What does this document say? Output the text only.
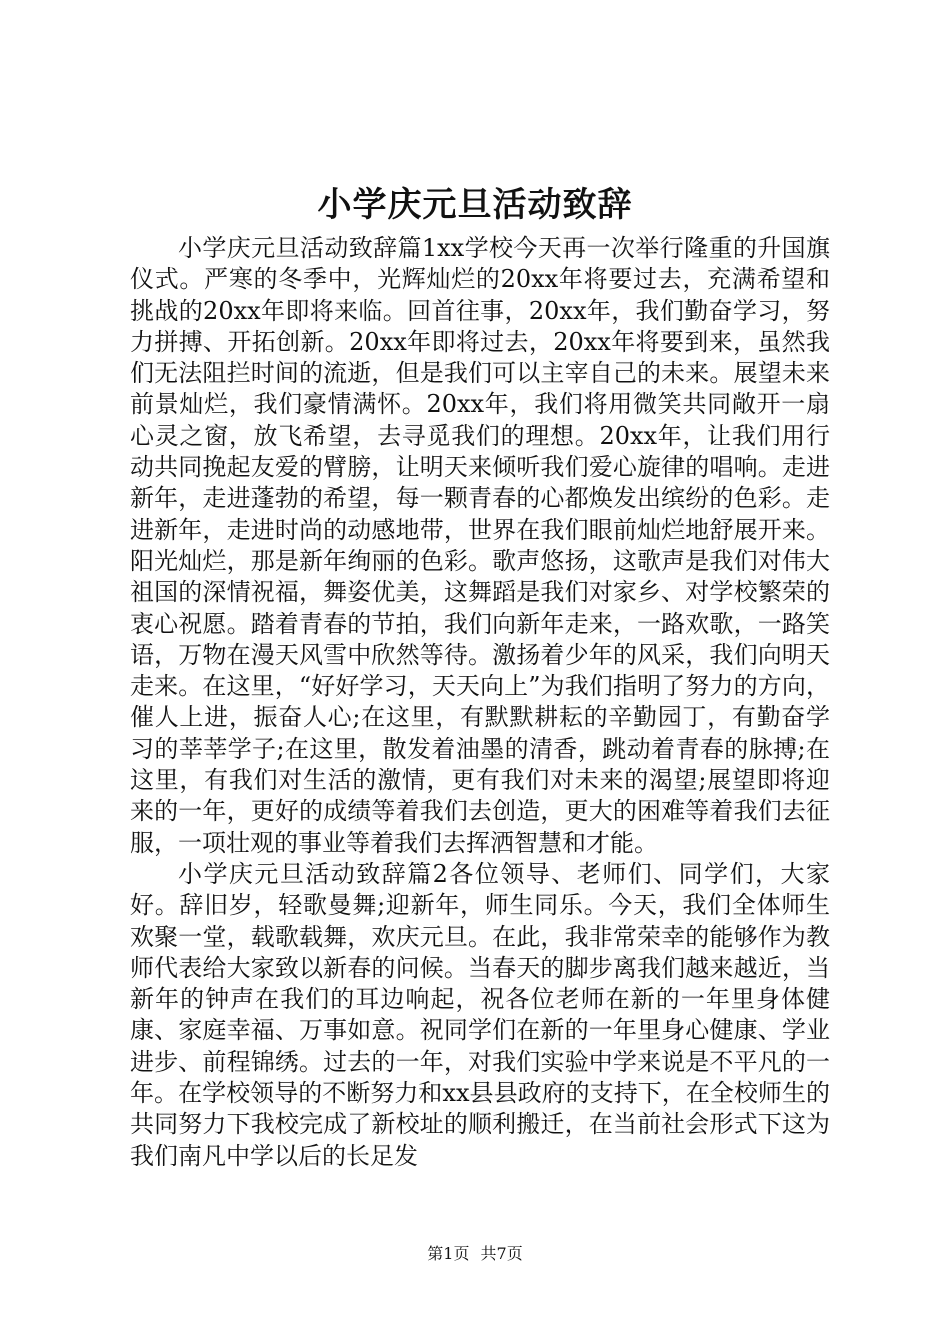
小学庆元旦活动致辞

小学庆元旦活动致辞篇1xx学校今天再一次举行隆重的升国旗仪式。严寒的冬季中，光辉灿烂的20xx年将要过去，充满希望和挑战的20xx年即将来临。回首往事，20xx年，我们勤奋学习，努力拼搏、开拓创新。20xx年即将过去，20xx年将要到来，虽然我们无法阻拦时间的流逝，但是我们可以主宰自己的未来。展望未来前景灿烂，我们豪情满怀。20xx年，我们将用微笑共同敞开一扇心灵之窗，放飞希望，去寻觅我们的理想。20xx年，让我们用行动共同挽起友爱的臂膀，让明天来倾听我们爱心旋律的唱响。走进新年，走进蓬勃的希望，每一颗青春的心都焕发出缤纷的色彩。走进新年，走进时尚的动感地带，世界在我们眼前灿烂地舒展开来。阳光灿烂，那是新年绚丽的色彩。歌声悠扬，这歌声是我们对伟大祖国的深情祝福，舞姿优美，这舞蹈是我们对家乡、对学校繁荣的衷心祝愿。踏着青春的节拍，我们向新年走来，一路欢歌，一路笑语，万物在漫天风雪中欣然等待。激扬着少年的风采，我们向明天走来。在这里，“好好学习，天天向上”为我们指明了努力的方向，催人上进，振奋人心;在这里，有默默耕耘的辛勤园丁，有勤奋学习的莘莘学子;在这里，散发着油墨的清香，跳动着青春的脉搏;在这里，有我们对生活的激情，更有我们对未来的渴望;展望即将迎来的一年，更好的成绩等着我们去创造，更大的困难等着我们去征服，一项壮观的事业等着我们去挥洒智慧和才能。

小学庆元旦活动致辞篇2各位领导、老师们、同学们，大家好。辞旧岁，轻歌曼舞;迎新年，师生同乐。今天，我们全体师生欢聚一堂，载歌载舞，欢庆元旦。在此，我非常荣幸的能够作为教师代表给大家致以新春的问候。当春天的脚步离我们越来越近，当新年的钟声在我们的耳边响起，祝各位老师在新的一年里身体健康、家庭幸福、万事如意。祝同学们在新的一年里身心健康、学业进步、前程锦绣。过去的一年，对我们实验中学来说是不平凡的一年。在学校领导的不断努力和xx县县政府的支持下，在全校师生的共同努力下我校完成了新校址的顺利搬迁，在当前社会形式下这为我们南凡中学以后的长足发

第1页 共7页
